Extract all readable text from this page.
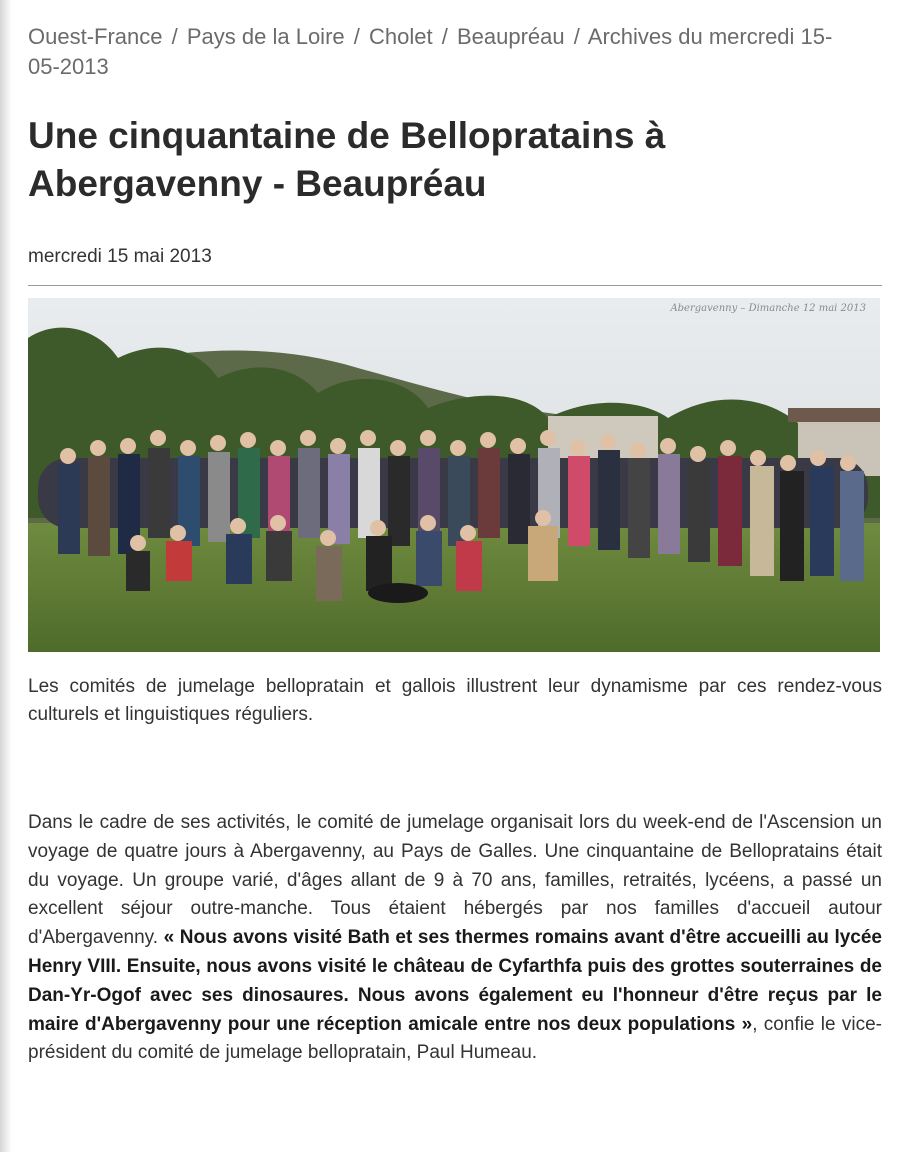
Ouest-France / Pays de la Loire / Cholet / Beaupréau / Archives du mercredi 15-05-2013
Une cinquantaine de Bellopratains à Abergavenny - Beaupréau
mercredi 15 mai 2013
Abergavenny – Dimanche 12 mai 2013

Les comités de jumelage bellopratain et gallois illustrent leur dynamisme par ces rendez-vous culturels et linguistiques réguliers.

Dans le cadre de ses activités, le comité de jumelage organisait lors du week-end de l'Ascension un voyage de quatre jours à Abergavenny, au Pays de Galles. Une cinquantaine de Bellopratains était du voyage. Un groupe varié, d'âges allant de 9 à 70 ans, familles, retraités, lycéens, a passé un excellent séjour outre-manche. Tous étaient hébergés par nos familles d'accueil autour d'Abergavenny. « Nous avons visité Bath et ses thermes romains avant d'être accueilli au lycée Henry VIII. Ensuite, nous avons visité le château de Cyfarthfa puis des grottes souterraines de Dan-Yr-Ogof avec ses dinosaures. Nous avons également eu l'honneur d'être reçus par le maire d'Abergavenny pour une réception amicale entre nos deux populations », confie le vice-président du comité de jumelage bellopratain, Paul Humeau.
